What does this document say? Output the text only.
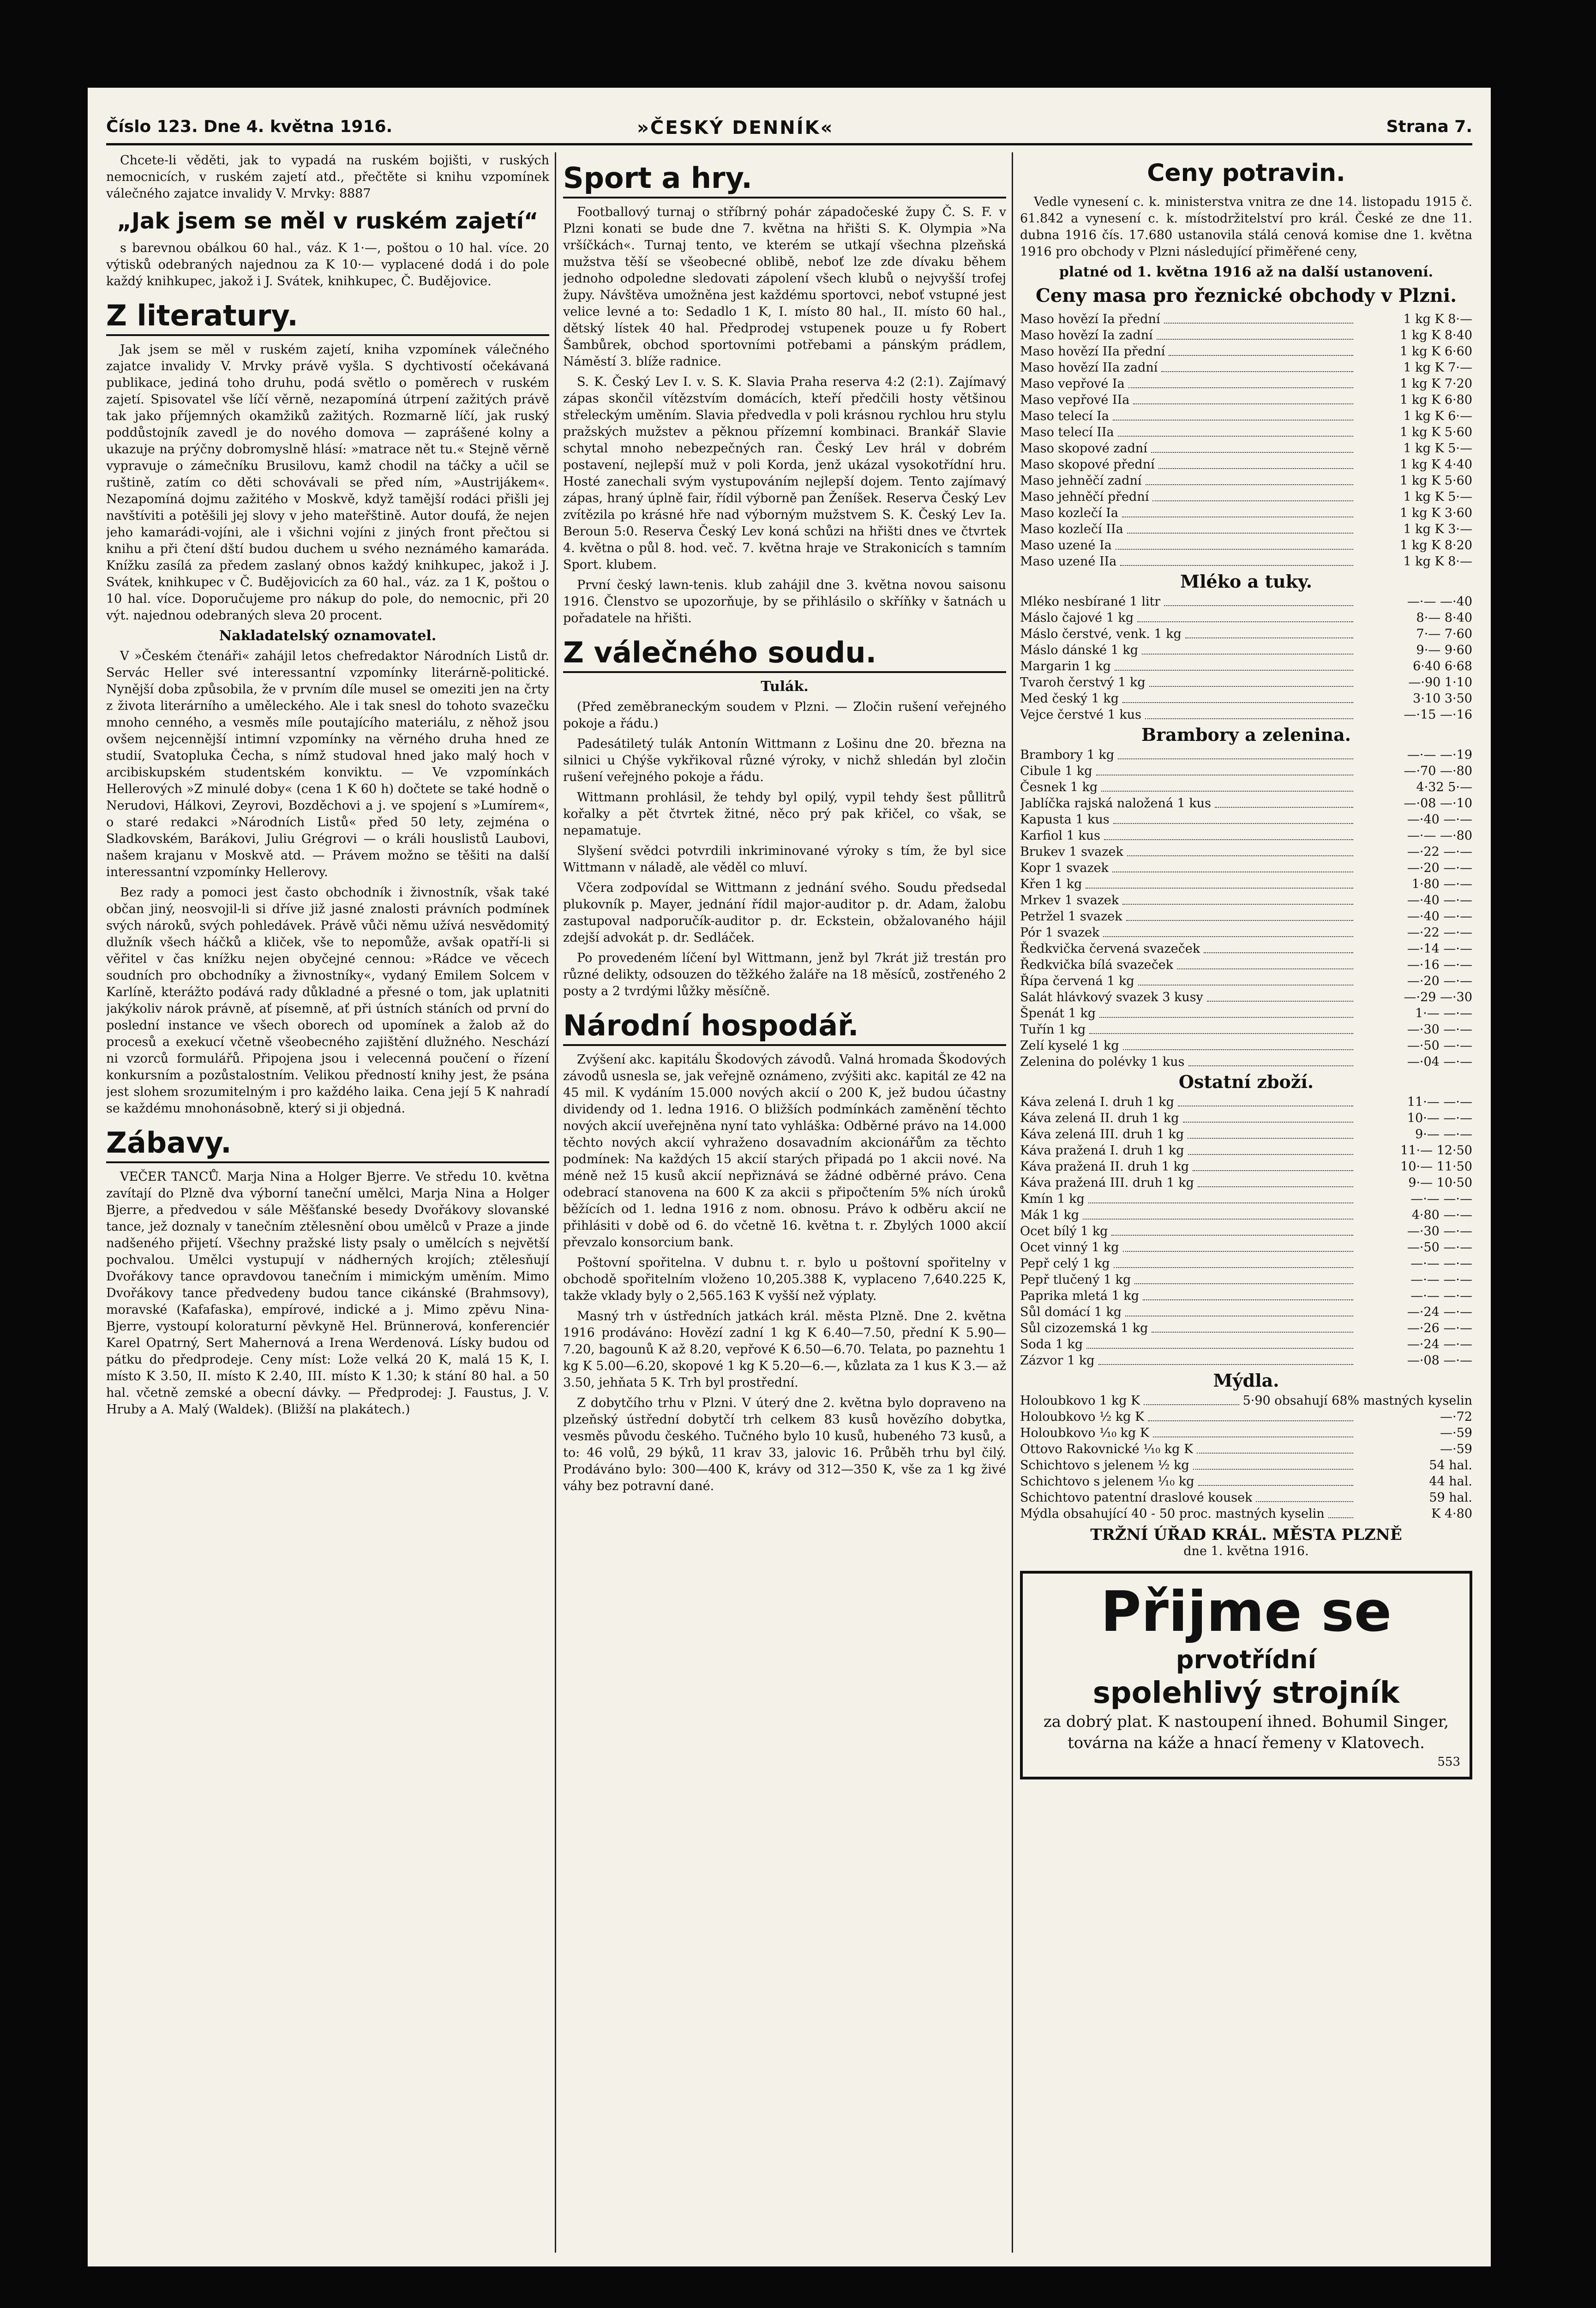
Číslo 123. Dne 4. května 1916.	»ČESKÝ DENNÍK«	Strana 7.

Chcete-li věděti, jak to vypadá na ruském bojišti, v ruských nemocnicích, v ruském zajetí atd., přečtěte si knihu vzpomínek válečného zajatce invalidy V. Mrvky: 8887

„Jak jsem se měl v ruském zajetí“

s barevnou obálkou 60 hal., váz. K 1·—, poštou o 10 hal. více. 20 výtisků odebraných najednou za K 10·— vyplacené dodá i do pole každý knihkupec, jakož i J. Svátek, knihkupec, Č. Budějovice.

Z literatury.

Jak jsem se měl v ruském zajetí, kniha vzpomínek válečného zajatce invalidy V. Mrvky právě vyšla. S dychtivostí očekávaná publikace, jediná toho druhu, podá světlo o poměrech v ruském zajetí. Spisovatel vše líčí věrně, nezapomíná útrpení zažitých právě tak jako příjemných okamžiků zažitých. Rozmarně líčí, jak ruský poddůstojník zavedl je do nového domova — zaprášené kolny a ukazuje na prýčny dobromyslně hlásí: »matrace nět tu.« Stejně věrně vypravuje o zámečníku Brusilovu, kamž chodil na táčky a učil se ruštině, zatím co děti schovávali se před ním, »Austrijákem«. Nezapomíná dojmu zažitého v Moskvě, když tamější rodáci přišli jej navštíviti a potěšili jej slovy v jeho mateřštině. Autor doufá, že nejen jeho kamarádi-vojíni, ale i všichni vojíni z jiných front přečtou si knihu a při čtení dští budou duchem u svého neznámého kamaráda. Knížku zasílá za předem zaslaný obnos každý knihkupec, jakož i J. Svátek, knihkupec v Č. Budějovicích za 60 hal., váz. za 1 K, poštou o 10 hal. více. Doporučujeme pro nákup do pole, do nemocnic, při 20 výt. najednou odebraných sleva 20 procent.

Nakladatelský oznamovatel.

V »Českém čtenáři« zahájil letos chefredaktor Národních Listů dr. Servác Heller své interessantní vzpomínky literárně-politické. Nynější doba způsobila, že v prvním díle musel se omeziti jen na črty z života literárního a uměleckého. Ale i tak snesl do tohoto svazečku mnoho cenného, a vesměs míle poutajícího materiálu, z něhož jsou ovšem nejcennější intimní vzpomínky na věrného druha hned ze studií, Svatopluka Čecha, s nímž studoval hned jako malý hoch v arcibiskupském studentském konviktu. — Ve vzpomínkách Hellerových »Z minulé doby« (cena 1 K 60 h) dočtete se také hodně o Nerudovi, Hálkovi, Zeyrovi, Bozděchovi a j. ve spojení s »Lumírem«, o staré redakci »Národních Listů« před 50 lety, zejména o Sladkovském, Barákovi, Juliu Grégrovi — o králi houslistů Laubovi, našem krajanu v Moskvě atd. — Právem možno se těšiti na další interessantní vzpomínky Hellerovy.

Bez rady a pomoci jest často obchodník i živnostník, však také občan jiný, neosvojil-li si dříve již jasné znalosti právních podmínek svých nároků, svých pohledávek. Právě vůči němu užívá nesvědomitý dlužník všech háčků a kliček, vše to nepomůže, avšak opatří-li si věřitel v čas knížku nejen obyčejné cennou: »Rádce ve věcech soudních pro obchodníky a živnostníky«, vydaný Emilem Solcem v Karlíně, kterážto podává rady důkladné a přesné o tom, jak uplatniti jakýkoliv nárok právně, ať písemně, ať při ústních stáních od první do poslední instance ve všech oborech od upomínek a žalob až do procesů a exekucí včetně všeobecného zajištění dlužného. Neschází ni vzorců formulářů. Připojena jsou i velecenná poučení o řízení konkursním a pozůstalostním. Velikou předností knihy jest, že psána jest slohem srozumitelným i pro každého laika. Cena její 5 K nahradí se každému mnohonásobně, který si ji objedná.

Zábavy.

VEČER TANCŮ. Marja Nina a Holger Bjerre. Ve středu 10. května zavítají do Plzně dva výborní taneční umělci, Marja Nina a Holger Bjerre, a předvedou v sále Měšťanské besedy Dvořákovy slovanské tance, jež doznaly v tanečním ztělesnění obou umělců v Praze a jinde nadšeného přijetí. Všechny pražské listy psaly o umělcích s největší pochvalou. Umělci vystupují v nádherných krojích; ztělesňují Dvořákovy tance opravdovou tanečním i mimickým uměním. Mimo Dvořákovy tance předvedeny budou tance cikánské (Brahmsovy), moravské (Kafafaska), empírové, indické a j. Mimo zpěvu Nina-Bjerre, vystoupí koloraturní pěvkyně Hel. Brünnerová, konferenciér Karel Opatrný, Sert Mahernová a Irena Werdenová. Lísky budou od pátku do předprodeje. Ceny míst: Lože velká 20 K, malá 15 K, I. místo K 3.50, II. místo K 2.40, III. místo K 1.30; k stání 80 hal. a 50 hal. včetně zemské a obecní dávky. — Předprodej: J. Faustus, J. V. Hruby a A. Malý (Waldek). (Bližší na plakátech.)

Sport a hry.

Footballový turnaj o stříbrný pohár západočeské župy Č. S. F. v Plzni konati se bude dne 7. května na hřišti S. K. Olympia »Na vršíčkách«. Turnaj tento, ve kterém se utkají všechna plzeňská mužstva těší se všeobecné oblibě, neboť lze zde dívaku během jednoho odpoledne sledovati zápolení všech klubů o nejvyšší trofej župy. Návštěva umožněna jest každému sportovci, neboť vstupné jest velice levné a to: Sedadlo 1 K, I. místo 80 hal., II. místo 60 hal., dětský lístek 40 hal. Předprodej vstupenek pouze u fy Robert Šambůrek, obchod sportovními potřebami a pánským prádlem, Náměstí 3. blíže radnice.

S. K. Český Lev I. v. S. K. Slavia Praha reserva 4:2 (2:1). Zajímavý zápas skončil vítězstvím domácích, kteří předčili hosty většinou střeleckým uměním. Slavia předvedla v poli krásnou rychlou hru stylu pražských mužstev a pěknou přízemní kombinaci. Brankář Slavie schytal mnoho nebezpečných ran. Český Lev hrál v dobrém postavení, nejlepší muž v poli Korda, jenž ukázal vysokotřídní hru. Hosté zanechali svým vystupováním nejlepší dojem. Tento zajímavý zápas, hraný úplně fair, řídil výborně pan Ženíšek. Reserva Český Lev zvítězila po krásné hře nad výborným mužstvem S. K. Český Lev Ia. Beroun 5:0. Reserva Český Lev koná schůzi na hřišti dnes ve čtvrtek 4. května o půl 8. hod. več. 7. května hraje ve Strakonicích s tamním Sport. klubem.

První český lawn-tenis. klub zahájil dne 3. května novou saisonu 1916. Členstvo se upozorňuje, by se přihlásilo o skříňky v šatnách u pořadatele na hřišti.

Z válečného soudu.
Tulák.

(Před zeměbraneckým soudem v Plzni. — Zločin rušení veřejného pokoje a řádu.)

Padesátiletý tulák Antonín Wittmann z Lošinu dne 20. března na silnici u Chýše vykřikoval různé výroky, v nichž shledán byl zločin rušení veřejného pokoje a řádu.

Wittmann prohlásil, že tehdy byl opilý, vypil tehdy šest půllitrů kořalky a pět čtvrtek žitné, něco prý pak křičel, co však, se nepamatuje.

Slyšení svědci potvrdili inkriminované výroky s tím, že byl sice Wittmann v náladě, ale věděl co mluví.

Včera zodpovídal se Wittmann z jednání svého. Soudu předsedal plukovník p. Mayer, jednání řídil major-auditor p. dr. Adam, žalobu zastupoval nadporučík-auditor p. dr. Eckstein, obžalovaného hájil zdejší advokát p. dr. Sedláček.

Po provedeném líčení byl Wittmann, jenž byl 7krát již trestán pro různé delikty, odsouzen do těžkého žaláře na 18 měsíců, zostřeného 2 posty a 2 tvrdými lůžky měsíčně.

Národní hospodář.

Zvýšení akc. kapitálu Škodových závodů. Valná hromada Škodových závodů usnesla se, jak veřejně oznámeno, zvýšiti akc. kapitál ze 42 na 45 mil. K vydáním 15.000 nových akcií o 200 K, jež budou účastny dividendy od 1. ledna 1916. O bližších podmínkách zaměnění těchto nových akcií uveřejněna nyní tato vyhláška: Odběrné právo na 14.000 těchto nových akcií vyhraženo dosavadním akcionářům za těchto podmínek: Na každých 15 akcií starých připadá po 1 akcii nové. Na méně než 15 kusů akcií nepřiznává se žádné odběrné právo. Cena odebrací stanovena na 600 K za akcii s připočtením 5% ních úroků běžících od 1. ledna 1916 z nom. obnosu. Právo k odběru akcií ne přihlásiti v době od 6. do včetně 16. května t. r. Zbylých 1000 akcií převzalo konsorcium bank.

Poštovní spořitelna. V dubnu t. r. bylo u poštovní spořitelny v obchodě spořitelním vloženo 10,205.388 K, vyplaceno 7,640.225 K, takže vklady byly o 2,565.163 K vyšší než výplaty.

Masný trh v ústředních jatkách král. města Plzně. Dne 2. května 1916 prodáváno: Hovězí zadní 1 kg K 6.40—7.50, přední K 5.90—7.20, bagounů K až 8.20, vepřové K 6.50—6.70. Telata, po paznehtu 1 kg K 5.00—6.20, skopové 1 kg K 5.20—6.—, kůzlata za 1 kus K 3.— až 3.50, jehňata 5 K. Trh byl prostřední.

Z dobytčího trhu v Plzni. V úterý dne 2. května bylo dopraveno na plzeňský ústřední dobytčí trh celkem 83 kusů hovězího dobytka, vesměs původu českého. Tučného bylo 10 kusů, hubeného 73 kusů, a to: 46 volů, 29 býků, 11 krav 33, jalovic 16. Průběh trhu byl čilý. Prodáváno bylo: 300—400 K, krávy od 312—350 K, vše za 1 kg živé váhy bez potravní dané.

Ceny potravin.

Vedle vynesení c. k. ministerstva vnitra ze dne 14. listopadu 1915 č. 61.842 a vynesení c. k. místodržitelství pro král. České ze dne 11. dubna 1916 čís. 17.680 ustanovila stálá cenová komise dne 1. května 1916 pro obchody v Plzni následující přiměřené ceny,

platné od 1. května 1916 až na další ustanovení.
Ceny masa pro řeznické obchody v Plzni.
Maso hovězí Ia přední	1 kg K 8·—
Maso hovězí Ia zadní	1 kg K 8·40
Maso hovězí IIa přední	1 kg K 6·60
Maso hovězí IIa zadní	1 kg K 7·—
Maso vepřové Ia	1 kg K 7·20
Maso vepřové IIa	1 kg K 6·80
Maso telecí Ia	1 kg K 6·—
Maso telecí IIa	1 kg K 5·60
Maso skopové zadní	1 kg K 5·—
Maso skopové přední	1 kg K 4·40
Maso jehněčí zadní	1 kg K 5·60
Maso jehněčí přední	1 kg K 5·—
Maso kozlečí Ia	1 kg K 3·60
Maso kozlečí IIa	1 kg K 3·—
Maso uzené Ia	1 kg K 8·20
Maso uzené IIa	1 kg K 8·—
Mléko a tuky.
Mléko nesbírané 1 litr	—·— —·40
Máslo čajové 1 kg	8·— 8·40
Máslo čerstvé, venk. 1 kg	7·— 7·60
Máslo dánské 1 kg	9·— 9·60
Margarin 1 kg	6·40 6·68
Tvaroh čerstvý 1 kg	—·90 1·10
Med český 1 kg	3·10 3·50
Vejce čerstvé 1 kus	—·15 —·16
Brambory a zelenina.
Brambory 1 kg	—·— —·19
Cibule 1 kg	—·70 —·80
Česnek 1 kg	4·32 5·—
Jablíčka rajská naložená 1 kus	—·08 —·10
Kapusta 1 kus	—·40 —·—
Karfiol 1 kus	—·— —·80
Brukev 1 svazek	—·22 —·—
Kopr 1 svazek	—·20 —·—
Křen 1 kg	1·80 —·—
Mrkev 1 svazek	—·40 —·—
Petržel 1 svazek	—·40 —·—
Pór 1 svazek	—·22 —·—
Ředkvička červená svazeček	—·14 —·—
Ředkvička bílá svazeček	—·16 —·—
Řípa červená 1 kg	—·20 —·—
Salát hlávkový svazek 3 kusy	—·29 —·30
Špenát 1 kg	1·— —·—
Tuřín 1 kg	—·30 —·—
Zelí kyselé 1 kg	—·50 —·—
Zelenina do polévky 1 kus	—·04 —·—
Ostatní zboží.
Káva zelená I. druh 1 kg	11·— —·—
Káva zelená II. druh 1 kg	10·— —·—
Káva zelená III. druh 1 kg	9·— —·—
Káva pražená I. druh 1 kg	11·— 12·50
Káva pražená II. druh 1 kg	10·— 11·50
Káva pražená III. druh 1 kg	9·— 10·50
Kmín 1 kg	—·— —·—
Mák 1 kg	4·80 —·—
Ocet bílý 1 kg	—·30 —·—
Ocet vinný 1 kg	—·50 —·—
Pepř celý 1 kg	—·— —·—
Pepř tlučený 1 kg	—·— —·—
Paprika mletá 1 kg	—·— —·—
Sůl domácí 1 kg	—·24 —·—
Sůl cizozemská 1 kg	—·26 —·—
Soda 1 kg	—·24 —·—
Zázvor 1 kg	—·08 —·—
Mýdla.
Holoubkovo 1 kg K	5·90 obsahují 68% mastných kyselin
Holoubkovo ½ kg K	—·72
Holoubkovo ⅒ kg K	—·59
Ottovo Rakovnické ⅒ kg K	—·59
Schichtovo s jelenem ½ kg	54 hal.
Schichtovo s jelenem ⅒ kg	44 hal.
Schichtovo patentní draslové kousek	59 hal.
Mýdla obsahující 40 - 50 proc. mastných kyselin	K 4·80
TRŽNÍ ÚŘAD KRÁL. MĚSTA PLZNĚ
dne 1. května 1916.
Přijme se
prvotřídní
spolehlivý strojník
za dobrý plat. K nastoupení ihned. Bohumil Singer, továrna na káže a hnací řemeny v Klatovech.
553
